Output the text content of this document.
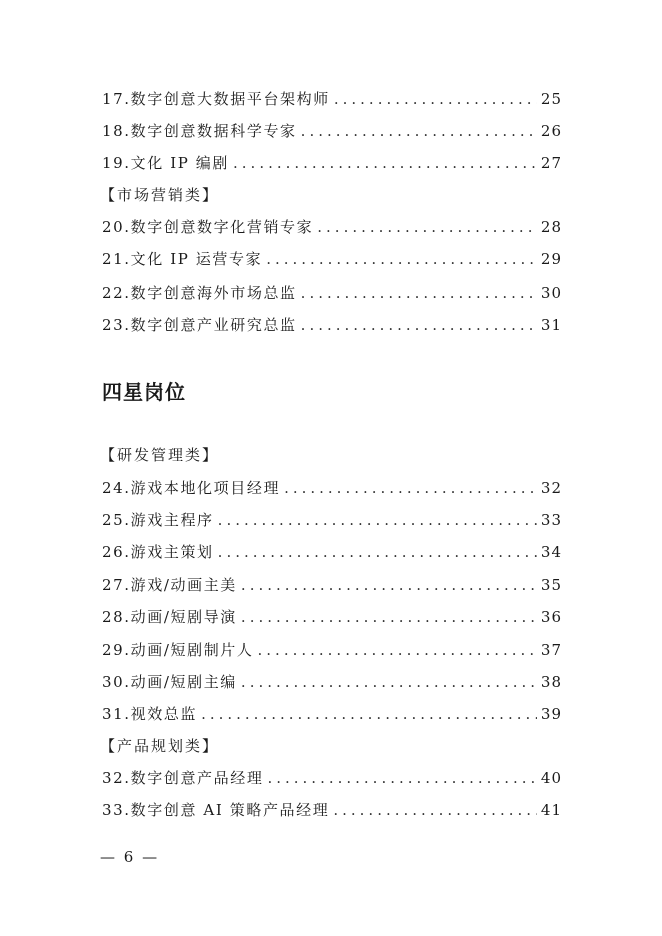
17. 数字创意大数据平台架构师 .....	25
18. 数字创意数据科学专家 .....	26
19. 文化 IP 编剧 .....	27
【市场营销类】
20. 数字创意数字化营销专家 .....	28
21. 文化 IP 运营专家 .....	29
22. 数字创意海外市场总监 .....	30
23. 数字创意产业研究总监 .....	31
四星岗位
【研发管理类】
24. 游戏本地化项目经理 .....	32
25. 游戏主程序 .....	33
26. 游戏主策划 .....	34
27. 游戏/动画主美 .....	35
28. 动画/短剧导演 .....	36
29. 动画/短剧制片人 .....	37
30. 动画/短剧主编 .....	38
31. 视效总监 .....	39
【产品规划类】
32. 数字创意产品经理 .....	40
33. 数字创意 AI 策略产品经理 .....	41
— 6 —
